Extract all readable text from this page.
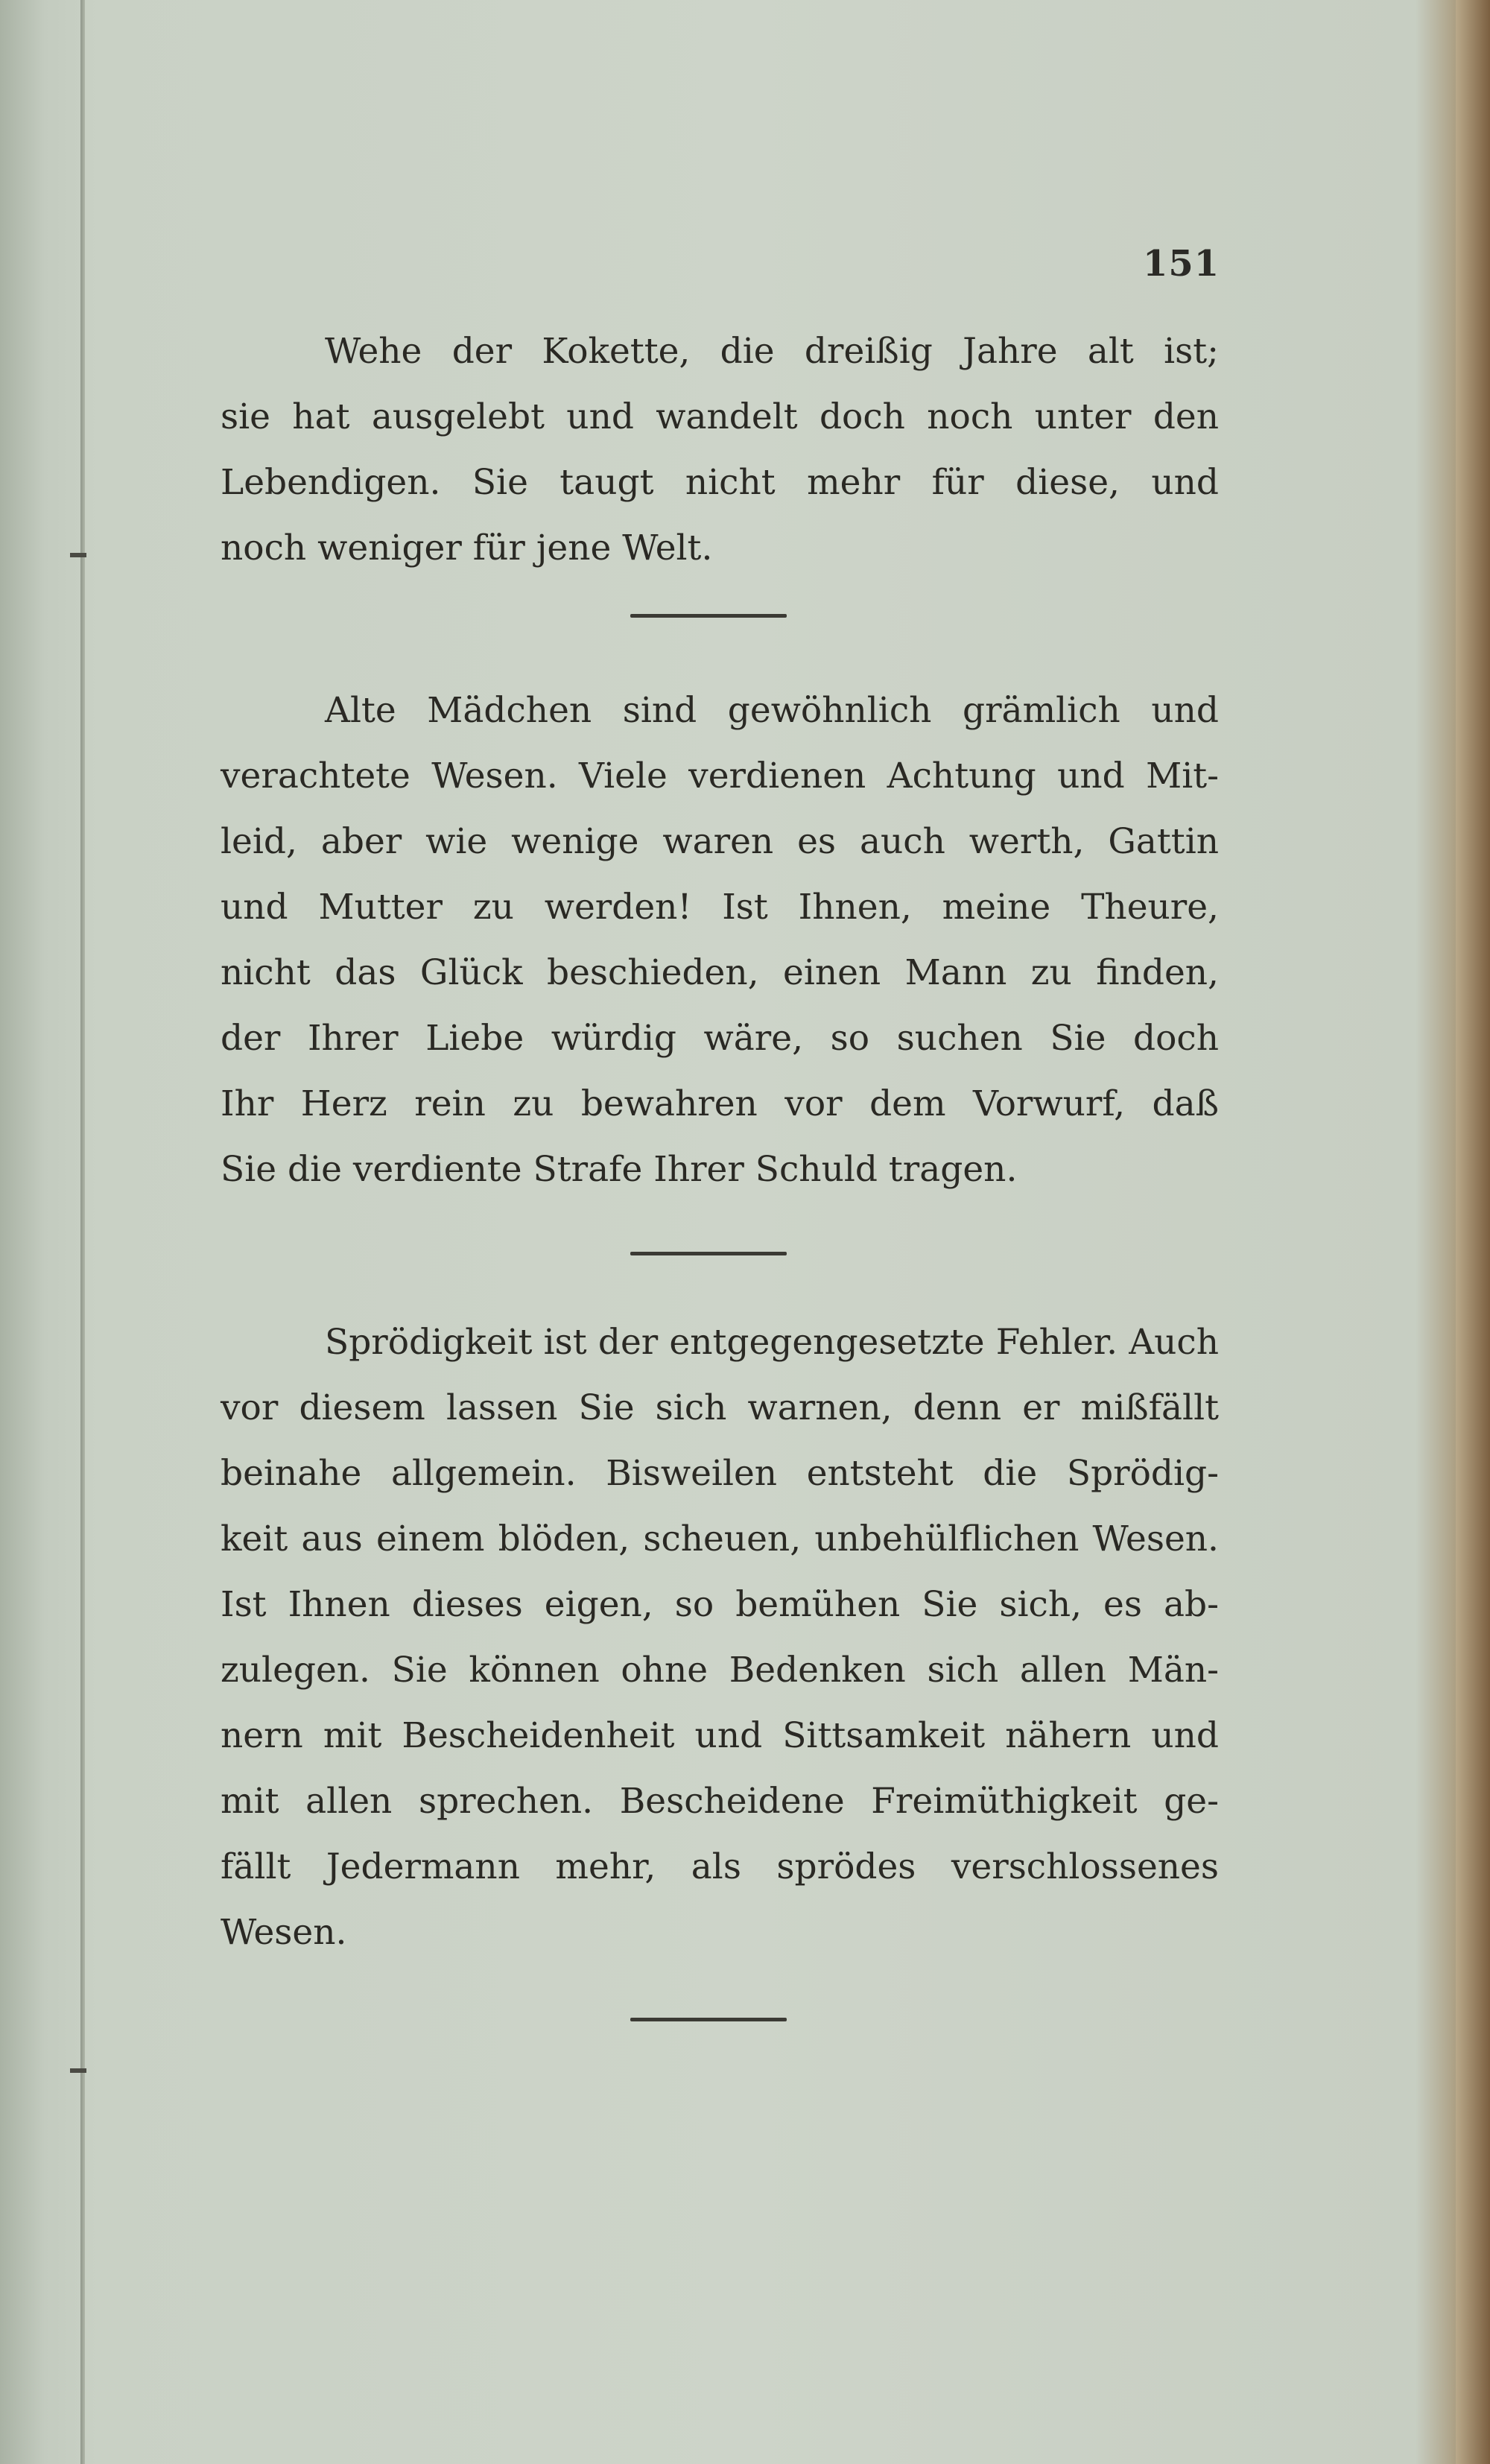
151
Wehe der Kokette, die dreißig Jahre alt ist;
sie hat ausgelebt und wandelt doch noch unter den
Lebendigen. Sie taugt nicht mehr für diese, und
noch weniger für jene Welt.
Alte Mädchen sind gewöhnlich grämlich und
verachtete Wesen. Viele verdienen Achtung und Mit-
leid, aber wie wenige waren es auch werth, Gattin
und Mutter zu werden! Ist Ihnen, meine Theure,
nicht das Glück beschieden, einen Mann zu finden,
der Ihrer Liebe würdig wäre, so suchen Sie doch
Ihr Herz rein zu bewahren vor dem Vorwurf, daß
Sie die verdiente Strafe Ihrer Schuld tragen.
Sprödigkeit ist der entgegengesetzte Fehler. Auch
vor diesem lassen Sie sich warnen, denn er mißfällt
beinahe allgemein. Bisweilen entsteht die Sprödig-
keit aus einem blöden, scheuen, unbehülflichen Wesen.
Ist Ihnen dieses eigen, so bemühen Sie sich, es ab-
zulegen. Sie können ohne Bedenken sich allen Män-
nern mit Bescheidenheit und Sittsamkeit nähern und
mit allen sprechen. Bescheidene Freimüthigkeit ge-
fällt Jedermann mehr, als sprödes verschlossenes
Wesen.
